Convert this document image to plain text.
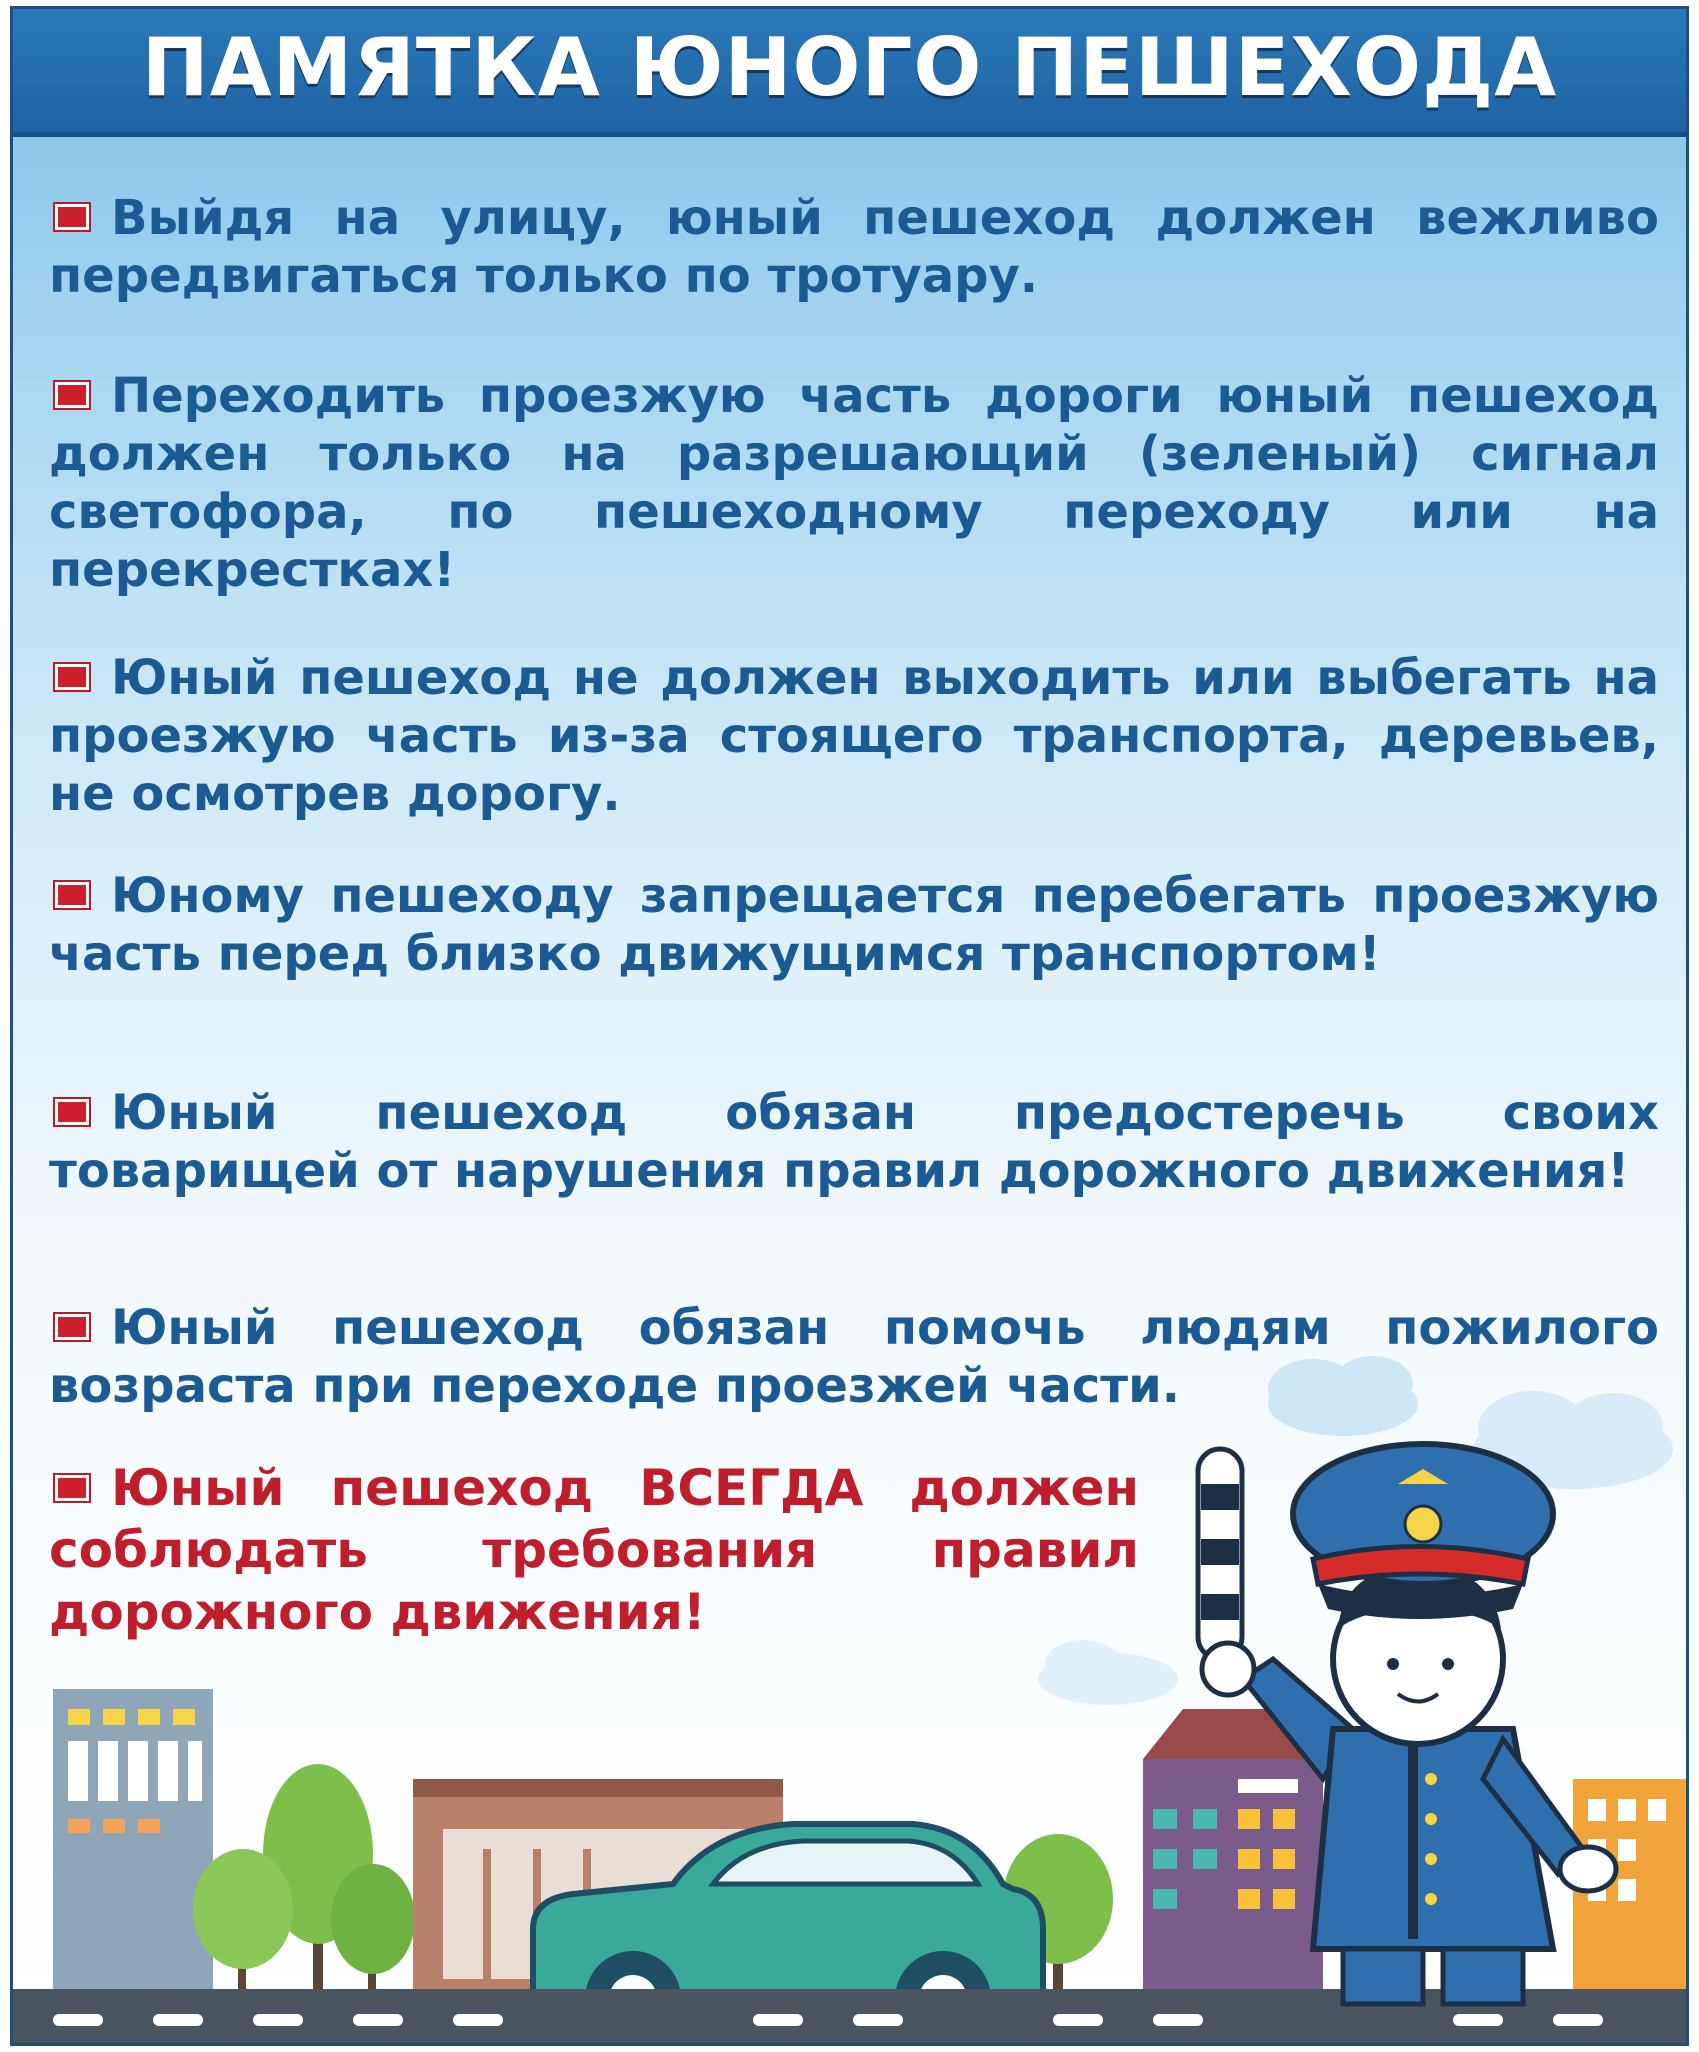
ПАМЯТКА ЮНОГО ПЕШЕХОДА

Выйдя на улицу, юный пешеход должен вежливо передвигаться только по тротуару.

Переходить проезжую часть дороги юный пешеход должен только на разрешающий (зеленый) сигнал светофора, по пешеходному переходу или на перекрестках!

Юный пешеход не должен выходить или выбегать на проезжую часть из-за стоящего транспорта, деревьев, не осмотрев дорогу.

Юному пешеходу запрещается перебегать проезжую часть перед близко движущимся транспортом!

Юный пешеход обязан предостеречь своих товарищей от нарушения правил дорожного движения!

Юный пешеход обязан помочь людям пожилого возраста при переходе проезжей части.

Юный пешеход ВСЕГДА должен соблюдать требования правил дорожного движения!
